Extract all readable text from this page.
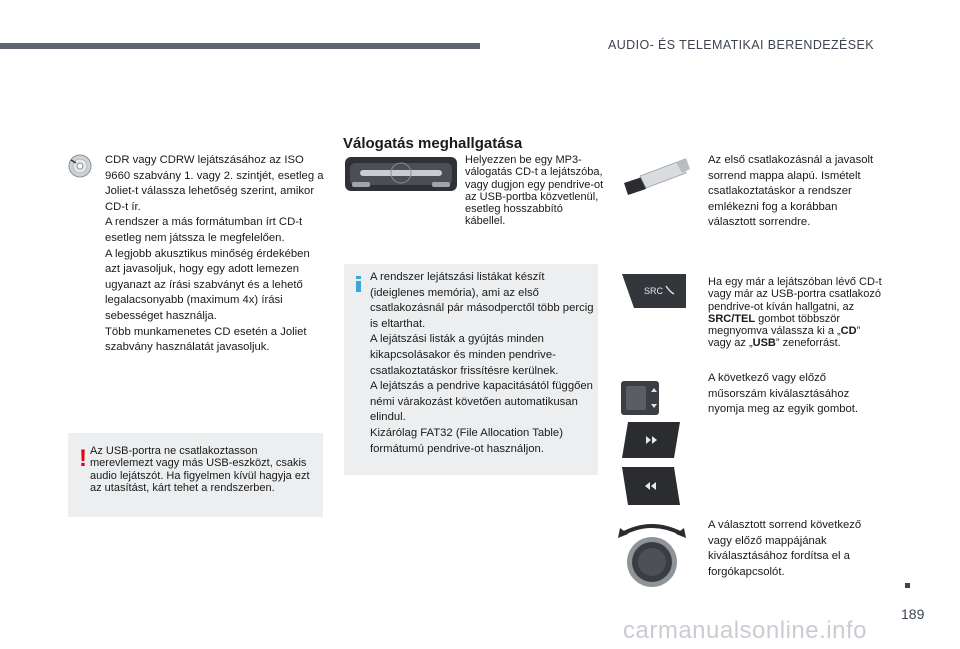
AUDIO- ÉS TELEMATIKAI BERENDEZÉSEK
CDR vagy CDRW lejátszásához az ISO 9660 szabvány 1. vagy 2. szintjét, esetleg a Joliet-t válassza lehetőség szerint, amikor CD-t ír.
A rendszer a más formátumban írt CD-t esetleg nem játssza le megfelelően.
A legjobb akusztikus minőség érdekében azt javasoljuk, hogy egy adott lemezen ugyanazt az írási szabványt és a lehető legalacsonyabb (maximum 4x) írási sebességet használja.
Több munkamenetes CD esetén a Joliet szabvány használatát javasoljuk.
! Az USB-portra ne csatlakoztasson merevlemezt vagy más USB-eszközt, csakis audio lejátszót. Ha figyelmen kívül hagyja ezt az utasítást, kárt tehet a rendszerben.
Válogatás meghallgatása
Helyezzen be egy MP3-válogatás CD-t a lejátszóba, vagy dugjon egy pendrive-ot az USB-portba közvetlenül, esetleg hosszabbító kábellel.
A rendszer lejátszási listákat készít (ideiglenes memória), ami az első csatlakozásnál pár másodperctől több percig is eltarthat.
A lejátszási listák a gyújtás minden kikapcsolásakor és minden pendrive-csatlakoztatáskor frissítésre kerülnek.
A lejátszás a pendrive kapacitásától függően némi várakozást követően automatikusan elindul.
Kizárólag FAT32 (File Allocation Table) formátumú pendrive-ot használjon.
Az első csatlakozásnál a javasolt sorrend mappa alapú. Ismételt csatlakoztatáskor a rendszer emlékezni fog a korábban választott sorrendre.
SRC
Ha egy már a lejátszóban lévő CD-t vagy már az USB-portra csatlakozó pendrive-ot kíván hallgatni, az SRC/TEL gombot többször megnyomva válassza ki a „CD” vagy az „USB” zeneforrást.
A következő vagy előző műsorszám kiválasztásához nyomja meg az egyik gombot.
A választott sorrend következő vagy előző mappájának kiválasztásához fordítsa el a forgókapcsolót.
189
carmanualsonline.info
